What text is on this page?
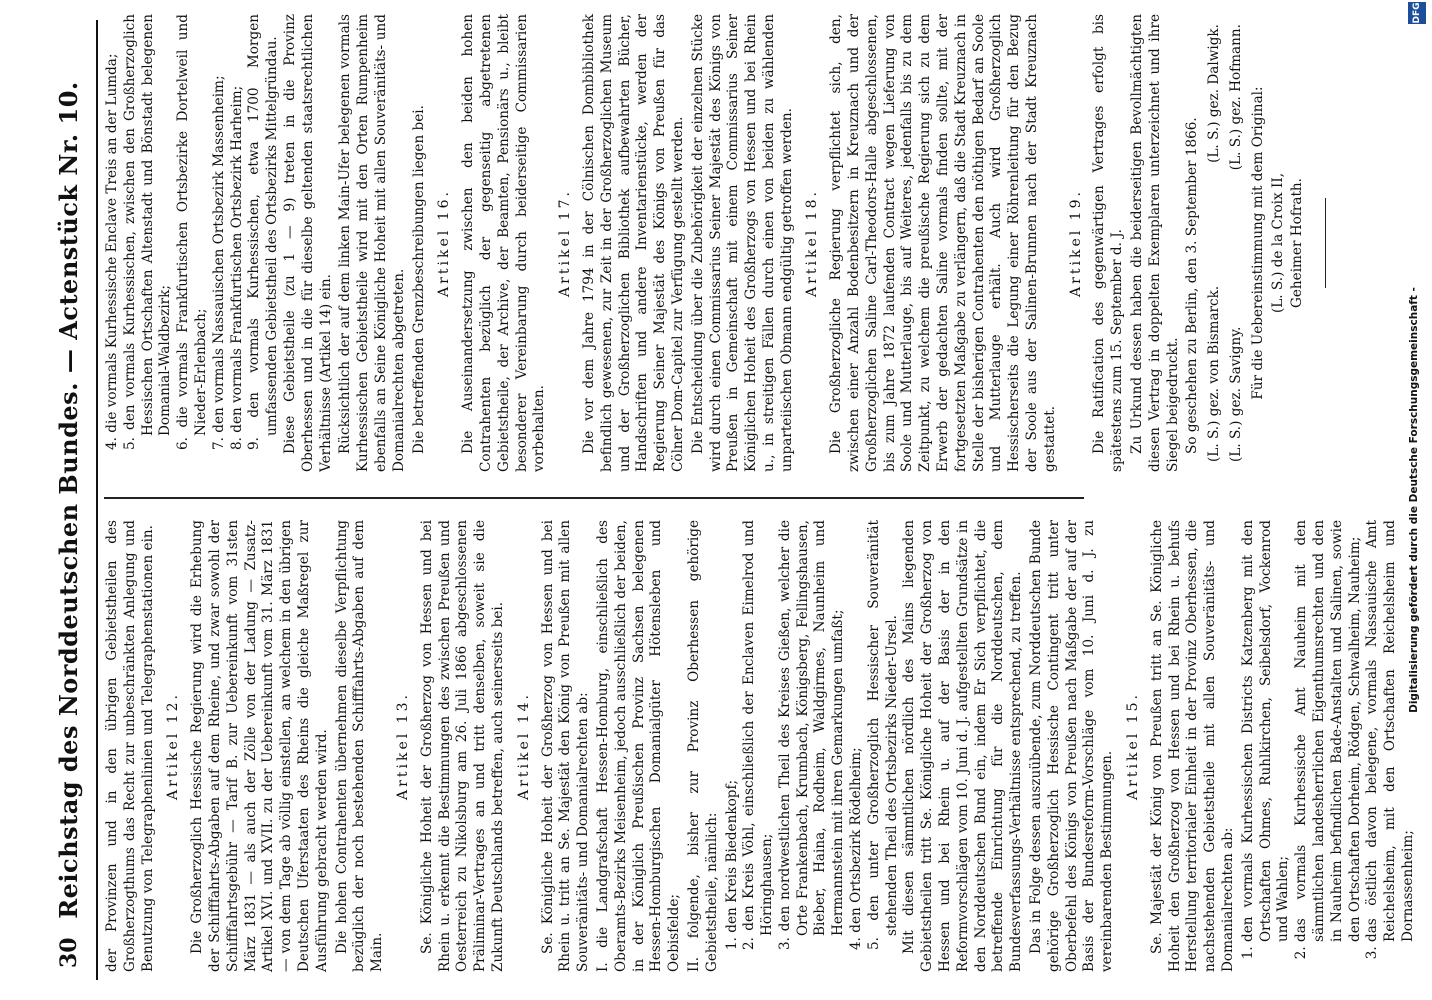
30
Reichstag des Norddeutschen Bundes. — Actenstück Nr. 10. der Provinzen und in den übrigen Gebietstheilen des Großherzogthums das Recht zur unbeschränkten Anlegung und Benutzung von Telegraphenlinien und Telegraphenstationen ein. Artikel 12. Die Großherzoglich Hessische Regierung wird die Erhebung der Schifffahrts-Abgaben auf dem Rheine, und zwar sowohl der Schifffahrtsgebühr — Tarif B. zur Uebereinkunft vom 31sten März 1831 — als auch der Zölle von der Ladung — Zusatz-Artikel XVI. und XVII. zu der Uebereinkunft vom 31. März 1831 — von dem Tage ab völlig einstellen, an welchem in den übrigen Deutschen Uferstaaten des Rheins die gleiche Maßregel zur Ausführung gebracht werden wird. Die hohen Contrahenten übernehmen dieselbe Verpflichtung bezüglich der noch bestehenden Schifffahrts-Abgaben auf dem Main.

Artikel 13. Se. Königliche Hoheit der Großherzog von Hessen und bei Rhein u. erkennt die Bestimmungen des zwischen Preußen und Oesterreich zu Nikolsburg am 26. Juli 1866 abgeschlossenen Präliminar-Vertrages an und tritt denselben, soweit sie die Zukunft Deutschlands betreffen, auch seinerseits bei. Artikel 14. Se. Königliche Hoheit der Großherzog von Hessen und bei Rhein u. tritt an Se. Majestät den König von Preußen mit allen Souveränitäts- und Domanialrechten ab: I. die Landgrafschaft Hessen-Homburg, einschließlich des Oberamts-Bezirks Meisenheim, jedoch ausschließlich der beiden, in der Königlich Preußischen Provinz Sachsen belegenen Hessen-Homburgischen Domanialgüter Hötensleben und Oebisfelde; II. folgende, bisher zur Provinz Oberhessen gehörige Gebietstheile, nämlich: 1. den Kreis Biedenkopf; 2. den Kreis Vöhl, einschließlich der Enclaven Eimelrod und Höringhausen; 3. den nordwestlichen Theil des Kreises Gießen, welcher die Orte Frankenbach, Krumbach, Königsberg, Fellingshausen, Bieber, Haina, Rodheim, Waldgirmes, Naunheim und Hermannstein mit ihren Gemarkungen umfaßt; 4. den Ortsbezirk Rödelheim; 5. den unter Großherzoglich Hessischer Souveränität stehenden Theil des Ortsbezirks Nieder-Ursel. Mit diesen sämmtlichen nördlich des Mains liegenden Gebietstheilen tritt Se. Königliche Hoheit der Großherzog von Hessen und bei Rhein u. auf der Basis der in den Reformvorschlägen vom 10. Juni d. J. aufgestellten Grundsätze in den Norddeutschen Bund ein, indem Er Sich verpflichtet, die betreffende Einrichtung für die Norddeutschen, dem Bundesverfassungs-Verhältnisse entsprechend, zu treffen. Das in Folge dessen auszuübende, zum Norddeutschen Bunde gehörige Großherzoglich Hessische Contingent tritt unter Oberbefehl des Königs von Preußen nach Maßgabe der auf der Basis der Bundesreform-Vorschläge vom 10. Juni d. J. zu vereinbarenden Bestimmungen.

Artikel 15. Se. Majestät der König von Preußen tritt an Se. Königliche Hoheit den Großherzog von Hessen und bei Rhein u. behufs Herstellung territorialer Einheit in der Provinz Oberhessen, die nachstehenden Gebietstheile mit allen Souveränitäts- und Domanialrechten ab: 1. den vormals Kurhessischen Districts Katzenberg mit den Ortschaften Ohmes, Ruhlkirchen, Seibelsdorf, Vockenrod und Wahlen; 2. das vormals Kurhessische Amt Nauheim mit den sämmtlichen landesherrlichen Eigenthumsrechten und den in Nauheim befindlichen Bade-Anstalten und Salinen, sowie den Ortschaften Dorheim, Rödgen, Schwalheim, Nauheim; 3. das östlich davon belegene, vormals Nassauische Amt Reichelsheim, mit den Ortschaften Reichelsheim und Dornassenheim;
4. die vormals Kurhessische Enclave Treis an der Lumda; 5. den vormals Kurhessischen, zwischen den Großherzoglich Hessischen Ortschaften Altenstadt und Bönstadt belegenen Domanial-Waldbezirk; 6. die vormals Frankfurtischen Ortsbezirke Dortelweil und Nieder-Erlenbach; 7. den vormals Nassauischen Ortsbezirk Massenheim; 8. den vormals Frankfurtischen Ortsbezirk Harheim; 9. den vormals Kurhessischen, etwa 1700 Morgen umfassenden Gebietstheil des Ortsbezirks Mittelgründau. Diese Gebietstheile (zu 1 — 9) treten in die Provinz Oberhessen und in die für dieselbe geltenden staatsrechtlichen Verhältnisse (Artikel 14) ein. Rücksichtlich der auf dem linken Main-Ufer belegenen vormals Kurhessischen Gebietstheile wird mit den Orten Rumpenheim ebenfalls an Seine Königliche Hoheit mit allen Souveränitäts- und Domanialrechten abgetreten. Die betreffenden Grenzbeschreibungen liegen bei. Artikel 16. Die Auseinandersetzung zwischen den beiden hohen Contrahenten bezüglich der gegenseitig abgetretenen Gebietstheile, der Archive, der Beamten, Pensionärs u., bleibt besonderer Vereinbarung durch beiderseitige Commissarien vorbehalten.

Artikel 17. Die vor dem Jahre 1794 in der Cölnischen Dombibliothek befindlich gewesenen, zur Zeit in der Großherzoglichen Museum und der Großherzoglichen Bibliothek aufbewahrten Bücher, Handschriften und andere Inventarienstücke, werden der Regierung Seiner Majestät des Königs von Preußen für das Cölner Dom-Capitel zur Verfügung gestellt werden. Die Entscheidung über die Zubehörigkeit der einzelnen Stücke wird durch einen Commissarius Seiner Majestät des Königs von Preußen in Gemeinschaft mit einem Commissarius Seiner Königlichen Hoheit des Großherzogs von Hessen und bei Rhein u., in streitigen Fällen durch einen von beiden zu wählenden unparteiischen Obmann endgültig getroffen werden. Artikel 18. Die Großherzogliche Regierung verpflichtet sich, den, zwischen einer Anzahl Bodenbesitzern in Kreuznach und der Großherzoglichen Saline Carl-Theodors-Halle abgeschlossenen, bis zum Jahre 1872 laufenden Contract wegen Lieferung von Soole und Mutterlauge, bis auf Weiteres, jedenfalls bis zu dem Zeitpunkt, zu welchem die preußische Regierung sich zu dem Erwerb der gedachten Saline vormals finden sollte, mit der fortgesetzten Maßgabe zu verlängern, daß die Stadt Kreuznach in Stelle der bisherigen Contrahenten den nöthigen Bedarf an Soole und Mutterlauge erhält. Auch wird Großherzoglich Hessischerseits die Legung einer Röhrenleitung für den Bezug der Soole aus der Salinen-Brunnen nach der Stadt Kreuznach gestattet.

Artikel 19. Die Ratification des gegenwärtigen Vertrages erfolgt bis spätestens zum 15. September d. J. Zu Urkund dessen haben die beiderseitigen Bevollmächtigten diesen Vertrag in doppelten Exemplaren unterzeichnet und ihre Siegel beigedruckt. So geschehen zu Berlin, den 3. September 1866. (L. S.) gez. von Bismarck.
(L. S.) gez. Dalwigk.
(L. S.) gez. Savigny.
(L. S.) gez. Hofmann. Für die Uebereinstimmung mit dem Original: (L. S.) de la Croix II, Geheimer Hofrath.

Digitalisierung gefördert durch die Deutsche Forschungsgemeinschaft -
DFG
